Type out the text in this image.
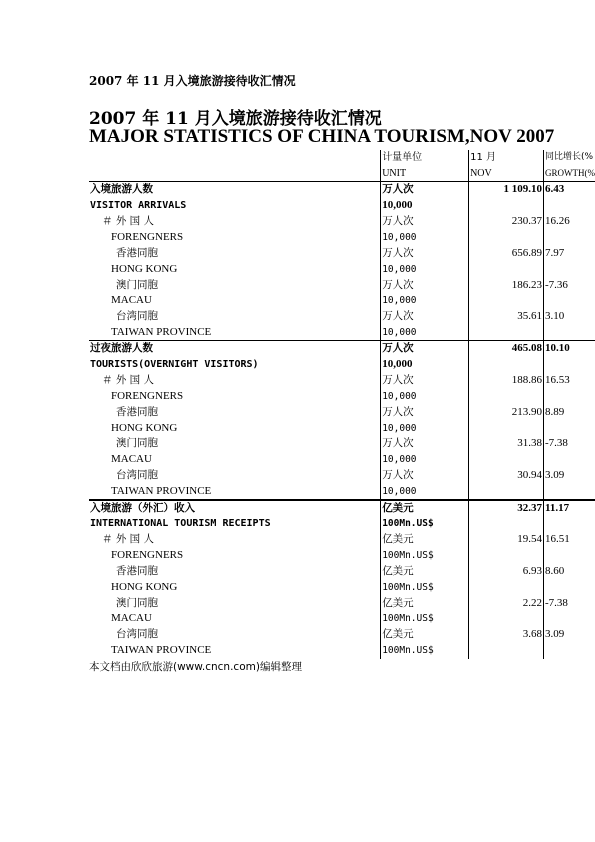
2007 年 11 月入境旅游接待收汇情况
2007 年 11 月入境旅游接待收汇情况
MAJOR STATISTICS OF CHINA TOURISM,NOV 2007
	计量单位	11 月	同比增长(%
	UNIT	NOV	GROWTH(%
入境旅游人数	万人次	1 109.10	6.43
VISITOR ARRIVALS	10,000		
＃ 外 国 人	万人次	230.37	16.26
FORENGNERS	10,000		
香港同胞	万人次	656.89	7.97
HONG KONG	10,000		
澳门同胞	万人次	186.23	-7.36
MACAU	10,000		
台湾同胞	万人次	35.61	3.10
TAIWAN PROVINCE	10,000		
过夜旅游人数	万人次	465.08	10.10
TOURISTS(OVERNIGHT VISITORS)	10,000		
＃ 外 国 人	万人次	188.86	16.53
FORENGNERS	10,000		
香港同胞	万人次	213.90	8.89
HONG KONG	10,000		
澳门同胞	万人次	31.38	-7.38
MACAU	10,000		
台湾同胞	万人次	30.94	3.09
TAIWAN PROVINCE	10,000		
入境旅游（外汇）收入	亿美元	32.37	11.17
INTERNATIONAL TOURISM RECEIPTS	100Mn.US$		
＃ 外 国 人	亿美元	19.54	16.51
FORENGNERS	100Mn.US$		
香港同胞	亿美元	6.93	8.60
HONG KONG	100Mn.US$		
澳门同胞	亿美元	2.22	-7.38
MACAU	100Mn.US$		
台湾同胞	亿美元	3.68	3.09
TAIWAN PROVINCE	100Mn.US$		
本文档由欣欣旅游(www.cncn.com)编辑整理
